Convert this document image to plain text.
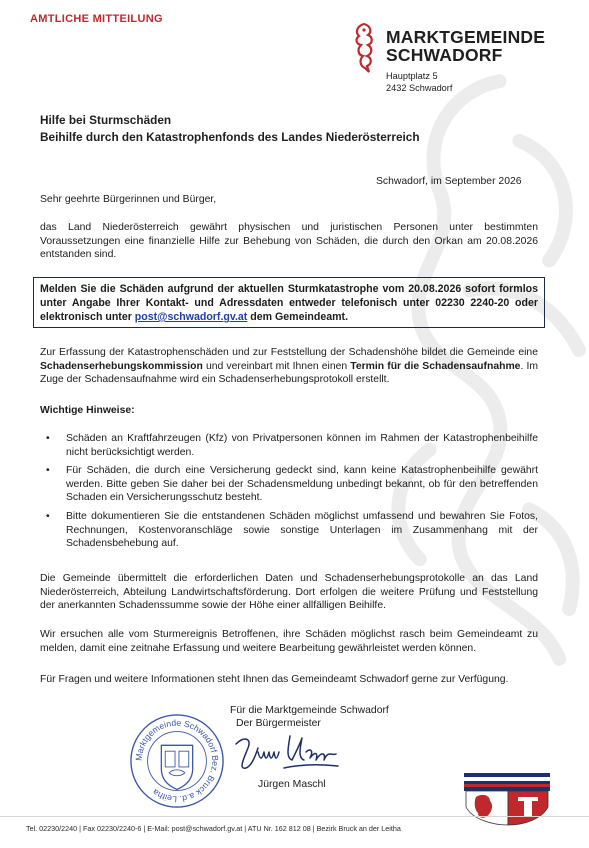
AMTLICHE MITTEILUNG
MARKTGEMEINDE
SCHWADORF
Hauptplatz 5
2432 Schwadorf
Hilfe bei Sturmschäden
Beihilfe durch den Katastrophenfonds des Landes Niederösterreich
Schwadorf, im September 2026
Sehr geehrte Bürgerinnen und Bürger,
das Land Niederösterreich gewährt physischen und juristischen Personen unter bestimmten Voraussetzungen eine finanzielle Hilfe zur Behebung von Schäden, die durch den Orkan am 20.08.2026 entstanden sind.
Melden Sie die Schäden aufgrund der aktuellen Sturmkatastrophe vom 20.08.2026 sofort formlos unter Angabe Ihrer Kontakt- und Adressdaten entweder telefonisch unter 02230 2240-20 oder elektronisch unter post@schwadorf.gv.at dem Gemeindeamt.
Zur Erfassung der Katastrophenschäden und zur Feststellung der Schadenshöhe bildet die Gemeinde eine Schadenserhebungskommission und vereinbart mit Ihnen einen Termin für die Schadensaufnahme. Im Zuge der Schadensaufnahme wird ein Schadenserhebungsprotokoll erstellt.
Wichtige Hinweise:
• Schäden an Kraftfahrzeugen (Kfz) von Privatpersonen können im Rahmen der Katastrophenbeihilfe nicht berücksichtigt werden.
• Für Schäden, die durch eine Versicherung gedeckt sind, kann keine Katastrophenbeihilfe gewährt werden. Bitte geben Sie daher bei der Schadensmeldung unbedingt bekannt, ob für den betreffenden Schaden ein Versicherungsschutz besteht.
• Bitte dokumentieren Sie die entstandenen Schäden möglichst umfassend und bewahren Sie Fotos, Rechnungen, Kostenvoranschläge sowie sonstige Unterlagen im Zusammenhang mit der Schadensbehebung auf.
Die Gemeinde übermittelt die erforderlichen Daten und Schadenserhebungsprotokolle an das Land Niederösterreich, Abteilung Landwirtschaftsförderung. Dort erfolgen die weitere Prüfung und Feststellung der anerkannten Schadenssumme sowie der Höhe einer allfälligen Beihilfe.
Wir ersuchen alle vom Sturmereignis Betroffenen, ihre Schäden möglichst rasch beim Gemeindeamt zu melden, damit eine zeitnahe Erfassung und weitere Bearbeitung gewährleistet werden können.
Für Fragen und weitere Informationen steht Ihnen das Gemeindeamt Schwadorf gerne zur Verfügung.
Für die Marktgemeinde Schwadorf
Der Bürgermeister
Marktgemeinde Schwadorf Bez. Bruck a.d. Leitha
Jürgen Maschl
Tel. 02230/2240 | Fax 02230/2240-6 | E-Mail: post@schwadorf.gv.at | ATU Nr. 162 812 08 | Bezirk Bruck an der Leitha
